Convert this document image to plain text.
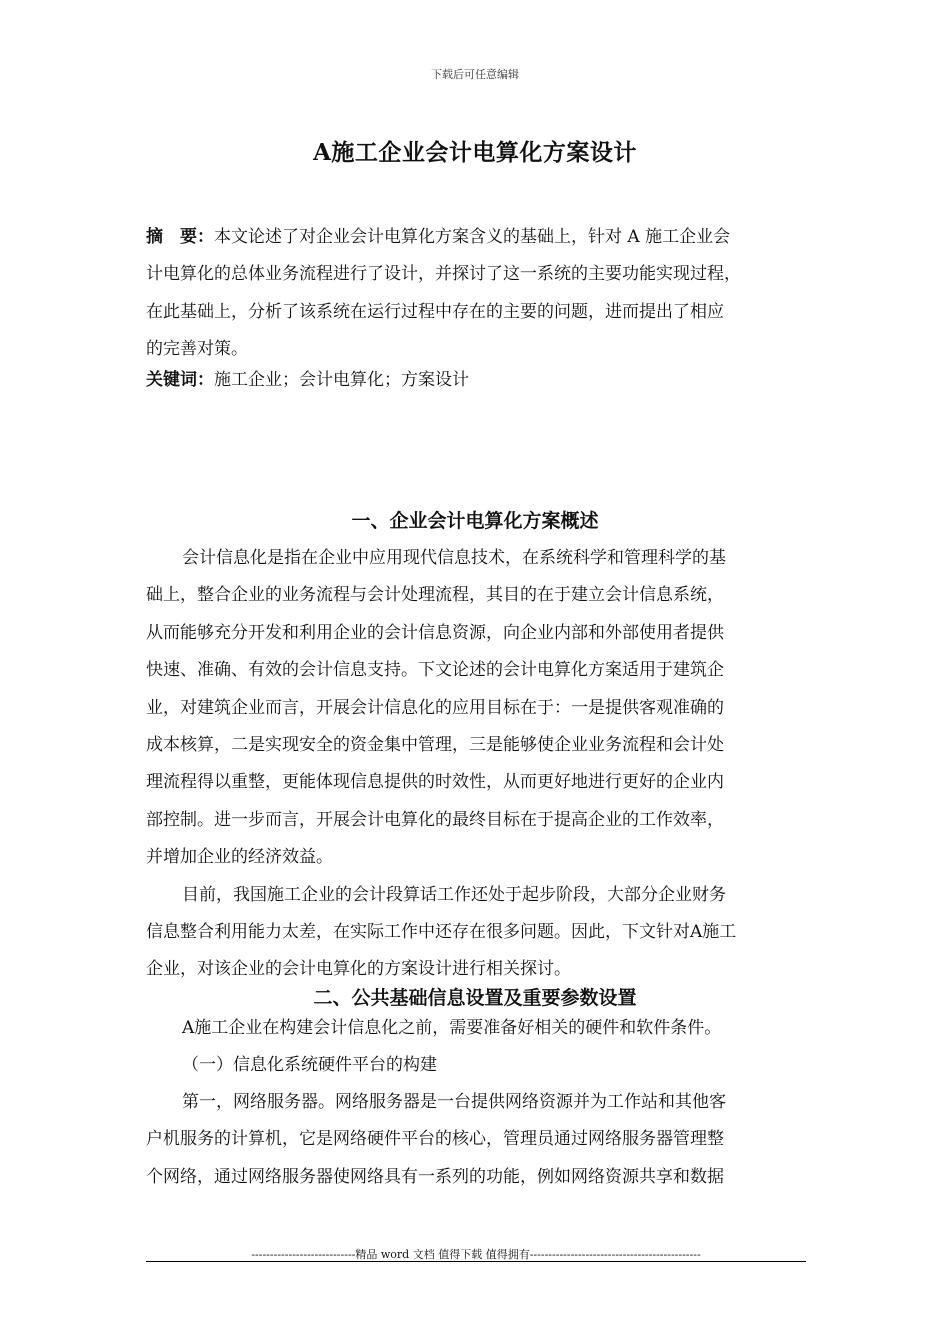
下载后可任意编辑
A施工企业会计电算化方案设计
摘　要：本文论述了对企业会计电算化方案含义的基础上，针对 A 施工企业会
计电算化的总体业务流程进行了设计，并探讨了这一系统的主要功能实现过程，
在此基础上，分析了该系统在运行过程中存在的主要的问题，进而提出了相应
的完善对策。
关键词：施工企业；会计电算化；方案设计
一、企业会计电算化方案概述
会计信息化是指在企业中应用现代信息技术，在系统科学和管理科学的基
础上，整合企业的业务流程与会计处理流程，其目的在于建立会计信息系统，
从而能够充分开发和利用企业的会计信息资源，向企业内部和外部使用者提供
快速、准确、有效的会计信息支持。下文论述的会计电算化方案适用于建筑企
业，对建筑企业而言，开展会计信息化的应用目标在于：一是提供客观准确的
成本核算，二是实现安全的资金集中管理，三是能够使企业业务流程和会计处
理流程得以重整，更能体现信息提供的时效性，从而更好地进行更好的企业内
部控制。进一步而言，开展会计电算化的最终目标在于提高企业的工作效率，
并增加企业的经济效益。
目前，我国施工企业的会计段算话工作还处于起步阶段，大部分企业财务
信息整合利用能力太差，在实际工作中还存在很多问题。因此，下文针对A施工
企业，对该企业的会计电算化的方案设计进行相关探讨。
二、公共基础信息设置及重要参数设置
A施工企业在构建会计信息化之前，需要准备好相关的硬件和软件条件。
（一）信息化系统硬件平台的构建
第一，网络服务器。网络服务器是一台提供网络资源并为工作站和其他客
户机服务的计算机，它是网络硬件平台的核心，管理员通过网络服务器管理整
个网络，通过网络服务器使网络具有一系列的功能，例如网络资源共享和数据
----------------------------精品 word 文档 值得下载 值得拥有----------------------------------------------
